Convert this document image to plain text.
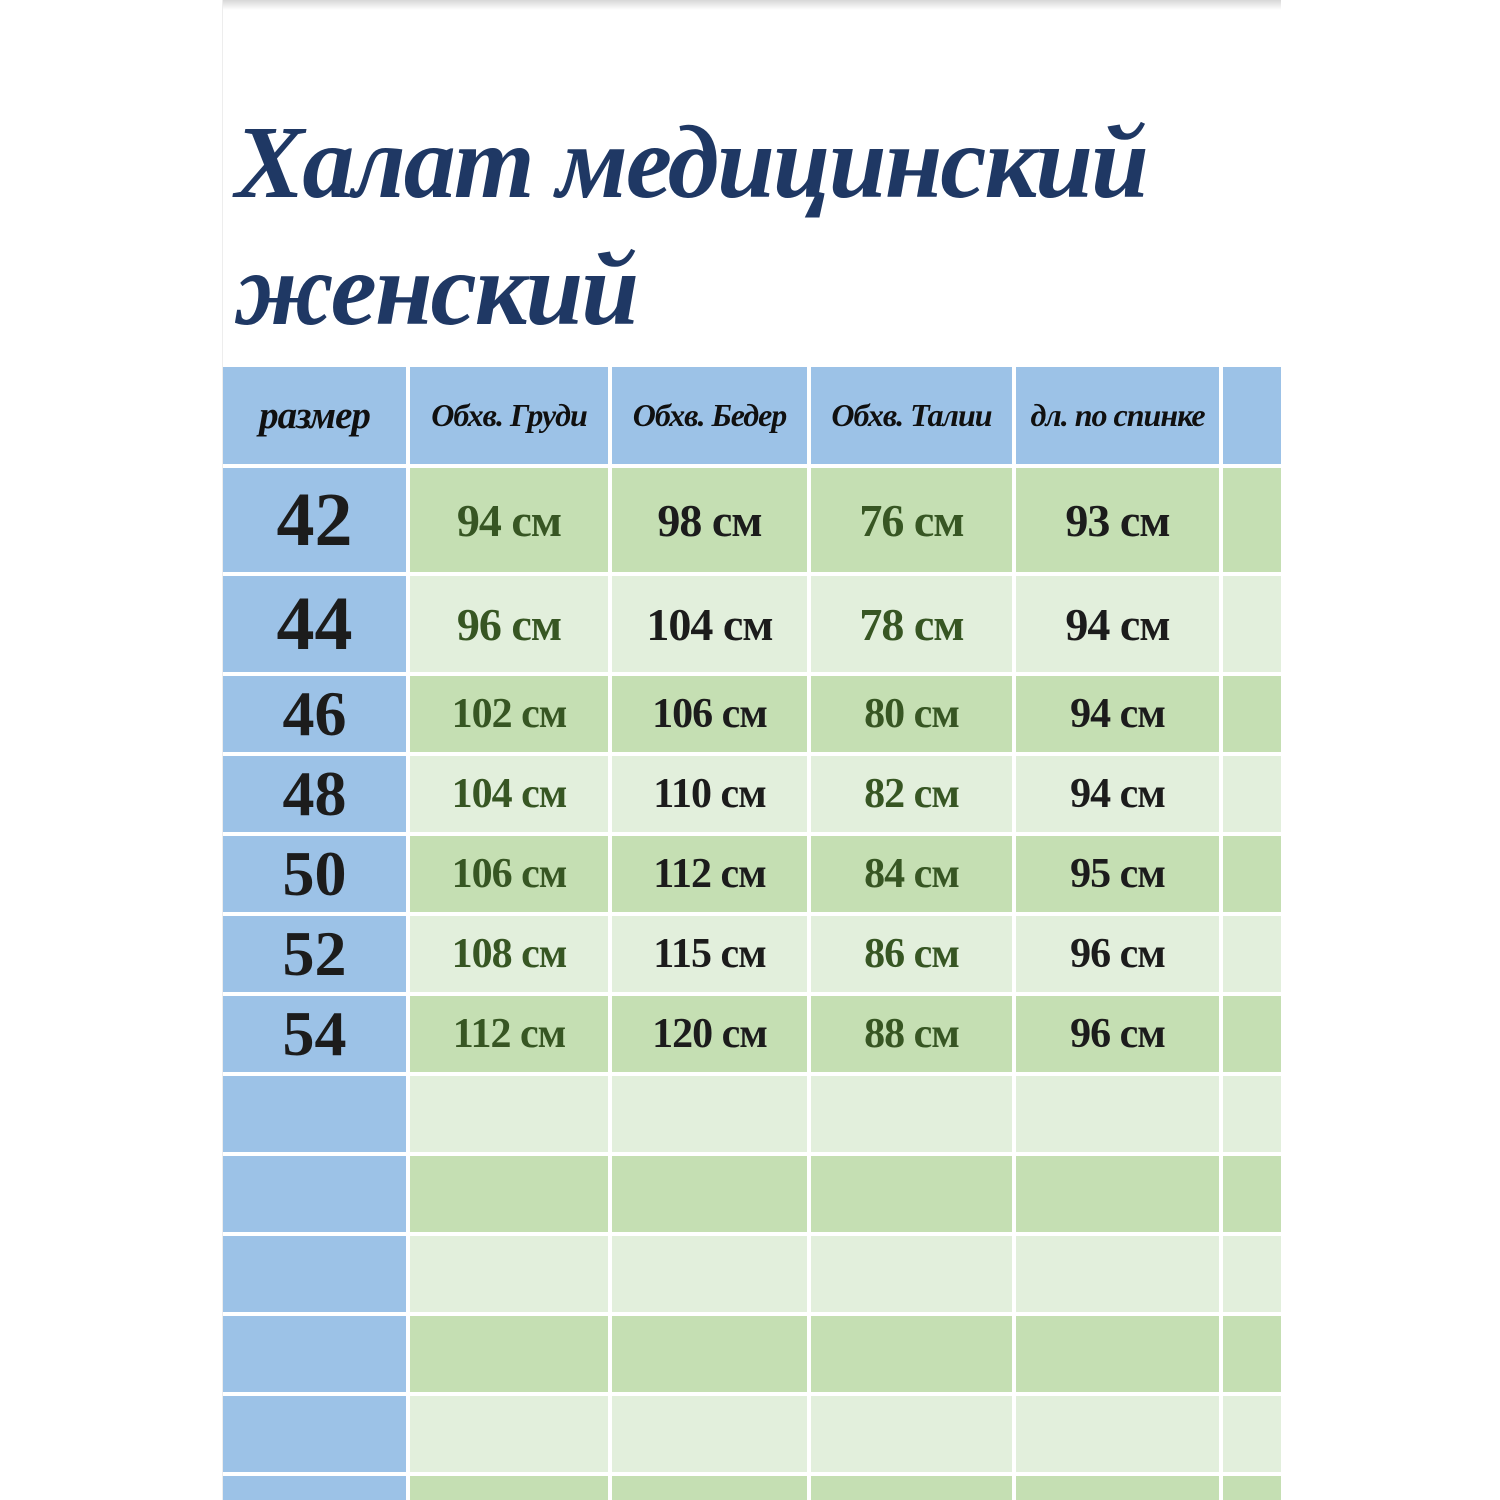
Халат медицинский
женский
размер	Обхв. Груди	Обхв. Бедер	Обхв. Талии	дл. по спинке
42	94 см	98 см	76 см	93 см
44	96 см	104 см	78 см	94 см
46	102 см	106 см	80 см	94 см
48	104 см	110 см	82 см	94 см
50	106 см	112 см	84 см	95 см
52	108 см	115 см	86 см	96 см
54	112 см	120 см	88 см	96 см
